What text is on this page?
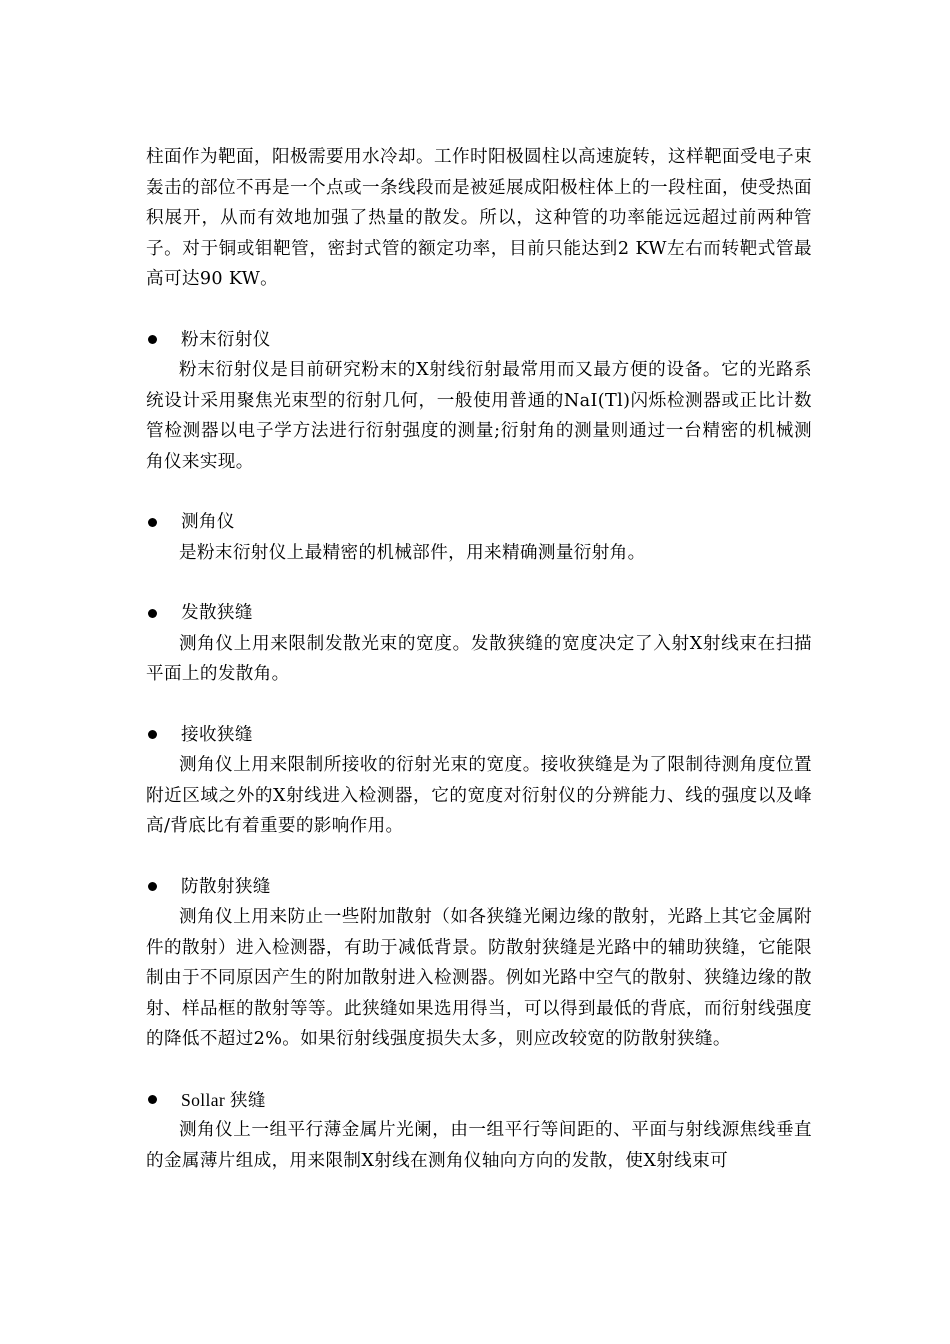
柱面作为靶面，阳极需要用水冷却。工作时阳极圆柱以高速旋转，这样靶面受电子束轰击的部位不再是一个点或一条线段而是被延展成阳极柱体上的一段柱面，使受热面积展开，从而有效地加强了热量的散发。所以，这种管的功率能远远超过前两种管子。对于铜或钼靶管，密封式管的额定功率，目前只能达到2 KW左右而转靶式管最高可达90 KW。

粉末衍射仪

粉末衍射仪是目前研究粉末的X射线衍射最常用而又最方便的设备。它的光路系统设计采用聚焦光束型的衍射几何，一般使用普通的NaI(Tl)闪烁检测器或正比计数管检测器以电子学方法进行衍射强度的测量;衍射角的测量则通过一台精密的机械测角仪来实现。

测角仪

是粉末衍射仪上最精密的机械部件，用来精确测量衍射角。

发散狭缝

测角仪上用来限制发散光束的宽度。发散狭缝的宽度决定了入射X射线束在扫描平面上的发散角。

接收狭缝

测角仪上用来限制所接收的衍射光束的宽度。接收狭缝是为了限制待测角度位置附近区域之外的X射线进入检测器，它的宽度对衍射仪的分辨能力、线的强度以及峰高/背底比有着重要的影响作用。

防散射狭缝

测角仪上用来防止一些附加散射（如各狭缝光阑边缘的散射，光路上其它金属附件的散射）进入检测器，有助于减低背景。防散射狭缝是光路中的辅助狭缝，它能限制由于不同原因产生的附加散射进入检测器。例如光路中空气的散射、狭缝边缘的散射、样品框的散射等等。此狭缝如果选用得当，可以得到最低的背底，而衍射线强度的降低不超过2%。如果衍射线强度损失太多，则应改较宽的防散射狭缝。

Sollar 狭缝

测角仪上一组平行薄金属片光阑，由一组平行等间距的、平面与射线源焦线垂直的金属薄片组成，用来限制X射线在测角仪轴向方向的发散，使X射线束可
